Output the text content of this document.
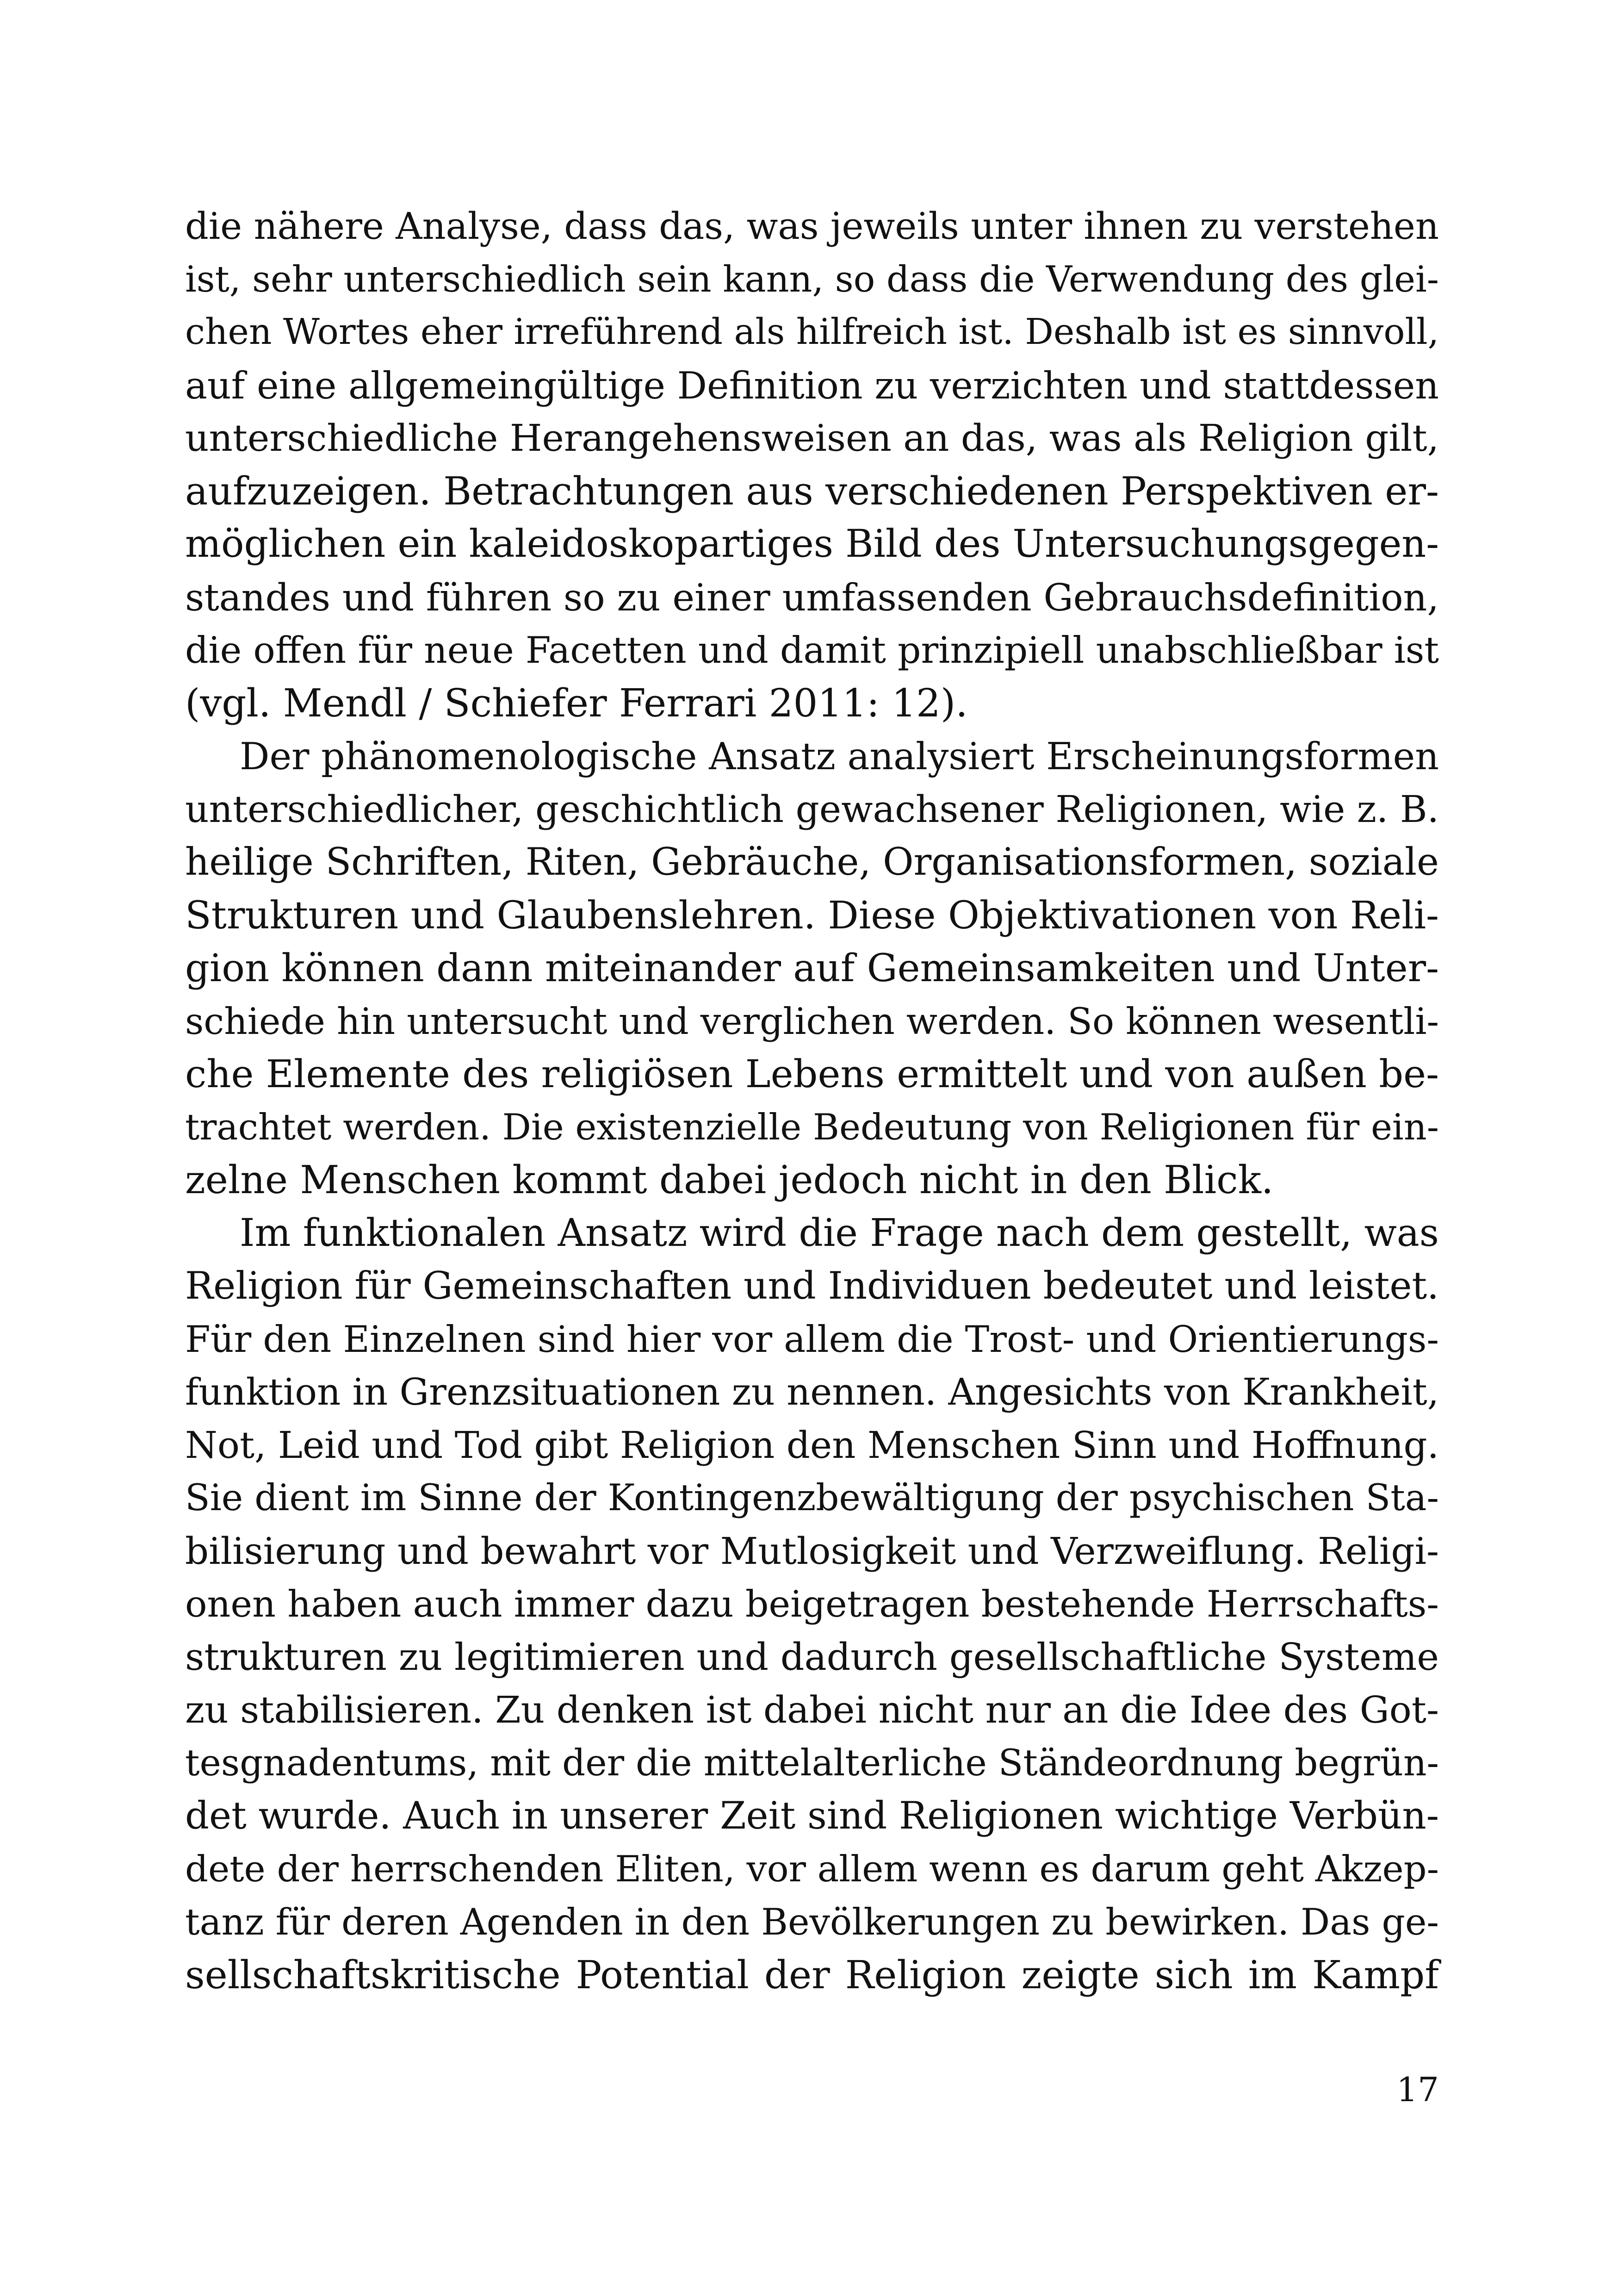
die nähere Analyse, dass das, was jeweils unter ihnen zu verstehen
ist, sehr unterschiedlich sein kann, so dass die Verwendung des glei-
chen Wortes eher irreführend als hilfreich ist. Deshalb ist es sinnvoll,
auf eine allgemeingültige Definition zu verzichten und stattdessen
unterschiedliche Herangehensweisen an das, was als Religion gilt,
aufzuzeigen. Betrachtungen aus verschiedenen Perspektiven er-
möglichen ein kaleidoskopartiges Bild des Untersuchungsgegen-
standes und führen so zu einer umfassenden Gebrauchsdefinition,
die offen für neue Facetten und damit prinzipiell unabschließbar ist
(vgl. Mendl / Schiefer Ferrari 2011: 12).
Der phänomenologische Ansatz analysiert Erscheinungsformen
unterschiedlicher, geschichtlich gewachsener Religionen, wie z. B.
heilige Schriften, Riten, Gebräuche, Organisationsformen, soziale
Strukturen und Glaubenslehren. Diese Objektivationen von Reli-
gion können dann miteinander auf Gemeinsamkeiten und Unter-
schiede hin untersucht und verglichen werden. So können wesentli-
che Elemente des religiösen Lebens ermittelt und von außen be-
trachtet werden. Die existenzielle Bedeutung von Religionen für ein-
zelne Menschen kommt dabei jedoch nicht in den Blick.
Im funktionalen Ansatz wird die Frage nach dem gestellt, was
Religion für Gemeinschaften und Individuen bedeutet und leistet.
Für den Einzelnen sind hier vor allem die Trost- und Orientierungs-
funktion in Grenzsituationen zu nennen. Angesichts von Krankheit,
Not, Leid und Tod gibt Religion den Menschen Sinn und Hoffnung.
Sie dient im Sinne der Kontingenzbewältigung der psychischen Sta-
bilisierung und bewahrt vor Mutlosigkeit und Verzweiflung. Religi-
onen haben auch immer dazu beigetragen bestehende Herrschafts-
strukturen zu legitimieren und dadurch gesellschaftliche Systeme
zu stabilisieren. Zu denken ist dabei nicht nur an die Idee des Got-
tesgnadentums, mit der die mittelalterliche Ständeordnung begrün-
det wurde. Auch in unserer Zeit sind Religionen wichtige Verbün-
dete der herrschenden Eliten, vor allem wenn es darum geht Akzep-
tanz für deren Agenden in den Bevölkerungen zu bewirken. Das ge-
sellschaftskritische Potential der Religion zeigte sich im Kampf
17
